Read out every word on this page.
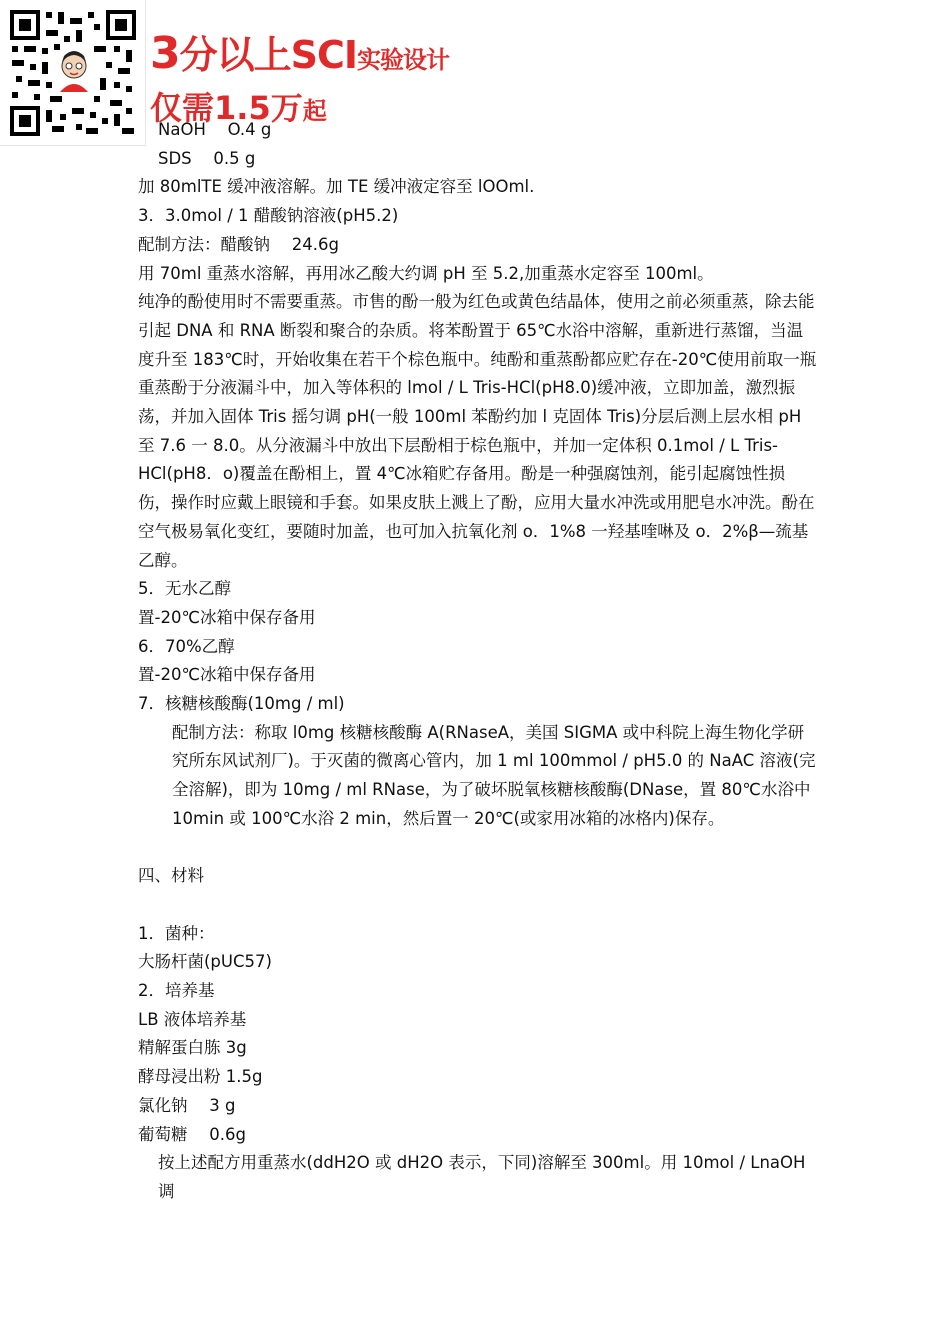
3分以上SCI实验设计
仅需1.5万起

NaOH　 O.4 g

SDS　 0.5 g

加 80mlTE 缓冲液溶解。加 TE 缓冲液定容至 lOOml.

3．3.0mol / 1 醋酸钠溶液(pH5.2)

配制方法：醋酸钠　 24.6g

用 70ml 重蒸水溶解，再用冰乙酸大约调 pH 至 5.2,加重蒸水定容至 100ml。

纯净的酚使用时不需要重蒸。市售的酚一般为红色或黄色结晶体，使用之前必须重蒸，除去能引起 DNA 和 RNA 断裂和聚合的杂质。将苯酚置于 65℃水浴中溶解，重新进行蒸馏，当温度升至 183℃时，开始收集在若干个棕色瓶中。纯酚和重蒸酚都应贮存在-20℃使用前取一瓶重蒸酚于分液漏斗中，加入等体积的 lmol / L Tris-HCl(pH8.0)缓冲液，立即加盖，激烈振荡，并加入固体 Tris 摇匀调 pH(一般 100ml 苯酚约加 l 克固体 Tris)分层后测上层水相 pH 至 7.6 一 8.0。从分液漏斗中放出下层酚相于棕色瓶中，并加一定体积 0.1mol / L Tris-HCl(pH8．o)覆盖在酚相上，置 4℃冰箱贮存备用。酚是一种强腐蚀剂，能引起腐蚀性损伤，操作时应戴上眼镜和手套。如果皮肤上溅上了酚，应用大量水冲洗或用肥皂水冲洗。酚在空气极易氧化变红，要随时加盖，也可加入抗氧化剂 o．1%8 一羟基喹啉及 o．2%β—巯基乙醇。

5．无水乙醇

置-20℃冰箱中保存备用

6．70%乙醇

置-20℃冰箱中保存备用

7．核糖核酸酶(10mg / ml)

配制方法：称取 l0mg 核糖核酸酶 A(RNaseA，美国 SIGMA 或中科院上海生物化学研究所东风试剂厂)。于灭菌的微离心管内，加 1 ml 100mmol / pH5.0 的 NaAC 溶液(完全溶解)，即为 10mg / ml RNase，为了破坏脱氧核糖核酸酶(DNase，置 80℃水浴中 10min 或 100℃水浴 2 min，然后置一 20℃(或家用冰箱的冰格内)保存。

四、材料

1．菌种：

大肠杆菌(pUC57)

2．培养基

LB 液体培养基

精解蛋白胨 3g

酵母浸出粉 1.5g

氯化钠　 3 g

葡萄糖　 0.6g

按上述配方用重蒸水(ddH2O 或 dH2O 表示，下同)溶解至 300ml。用 10mol / LnaOH 调
